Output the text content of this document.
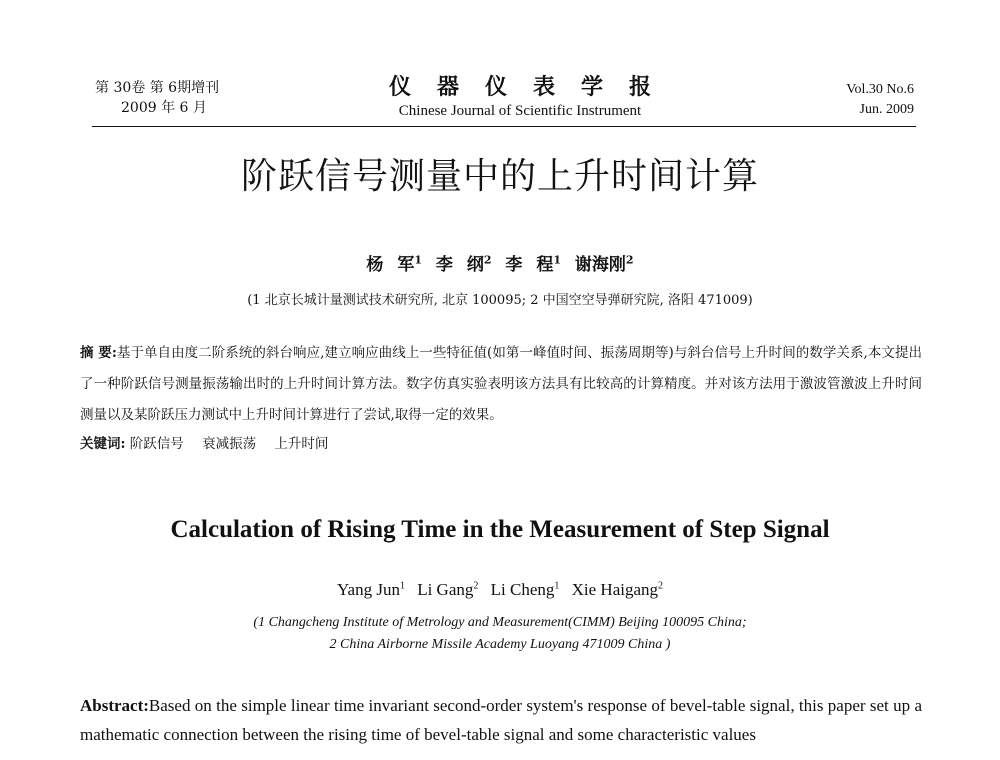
第 30卷 第 6期增刊
2009 年 6 月
仪器仪表学报
Chinese Journal of Scientific Instrument
Vol.30 No.6
Jun. 2009
阶跃信号测量中的上升时间计算
杨 军$^1$ 李 纲$^2$ 李 程$^1$ 谢海刚$^2$
(1 北京长城计量测试技术研究所, 北京 100095; 2 中国空空导弹研究院, 洛阳 471009)
摘 要:基于单自由度二阶系统的斜台响应,建立响应曲线上一些特征值(如第一峰值时间、振荡周期等)与斜台信号上升时间的数学关系,本文提出了一种阶跃信号测量振荡输出时的上升时间计算方法。数字仿真实验表明该方法具有比较高的计算精度。并对该方法用于激波管激波上升时间测量以及某阶跃压力测试中上升时间计算进行了尝试,取得一定的效果。
关键词: 阶跃信号 衰减振荡 上升时间
Calculation of Rising Time in the Measurement of Step Signal
Yang Jun$^1$ Li Gang$^2$ Li Cheng$^1$ Xie Haigang$^2$
(1 Changcheng Institute of Metrology and Measurement(CIMM) Beijing 100095 China;
2 China Airborne Missile Academy Luoyang 471009 China )
Abstract:Based on the simple linear time invariant second-order system's response of bevel-table signal, this paper set up a mathematic connection between the rising time of bevel-table signal and some characteristic values
